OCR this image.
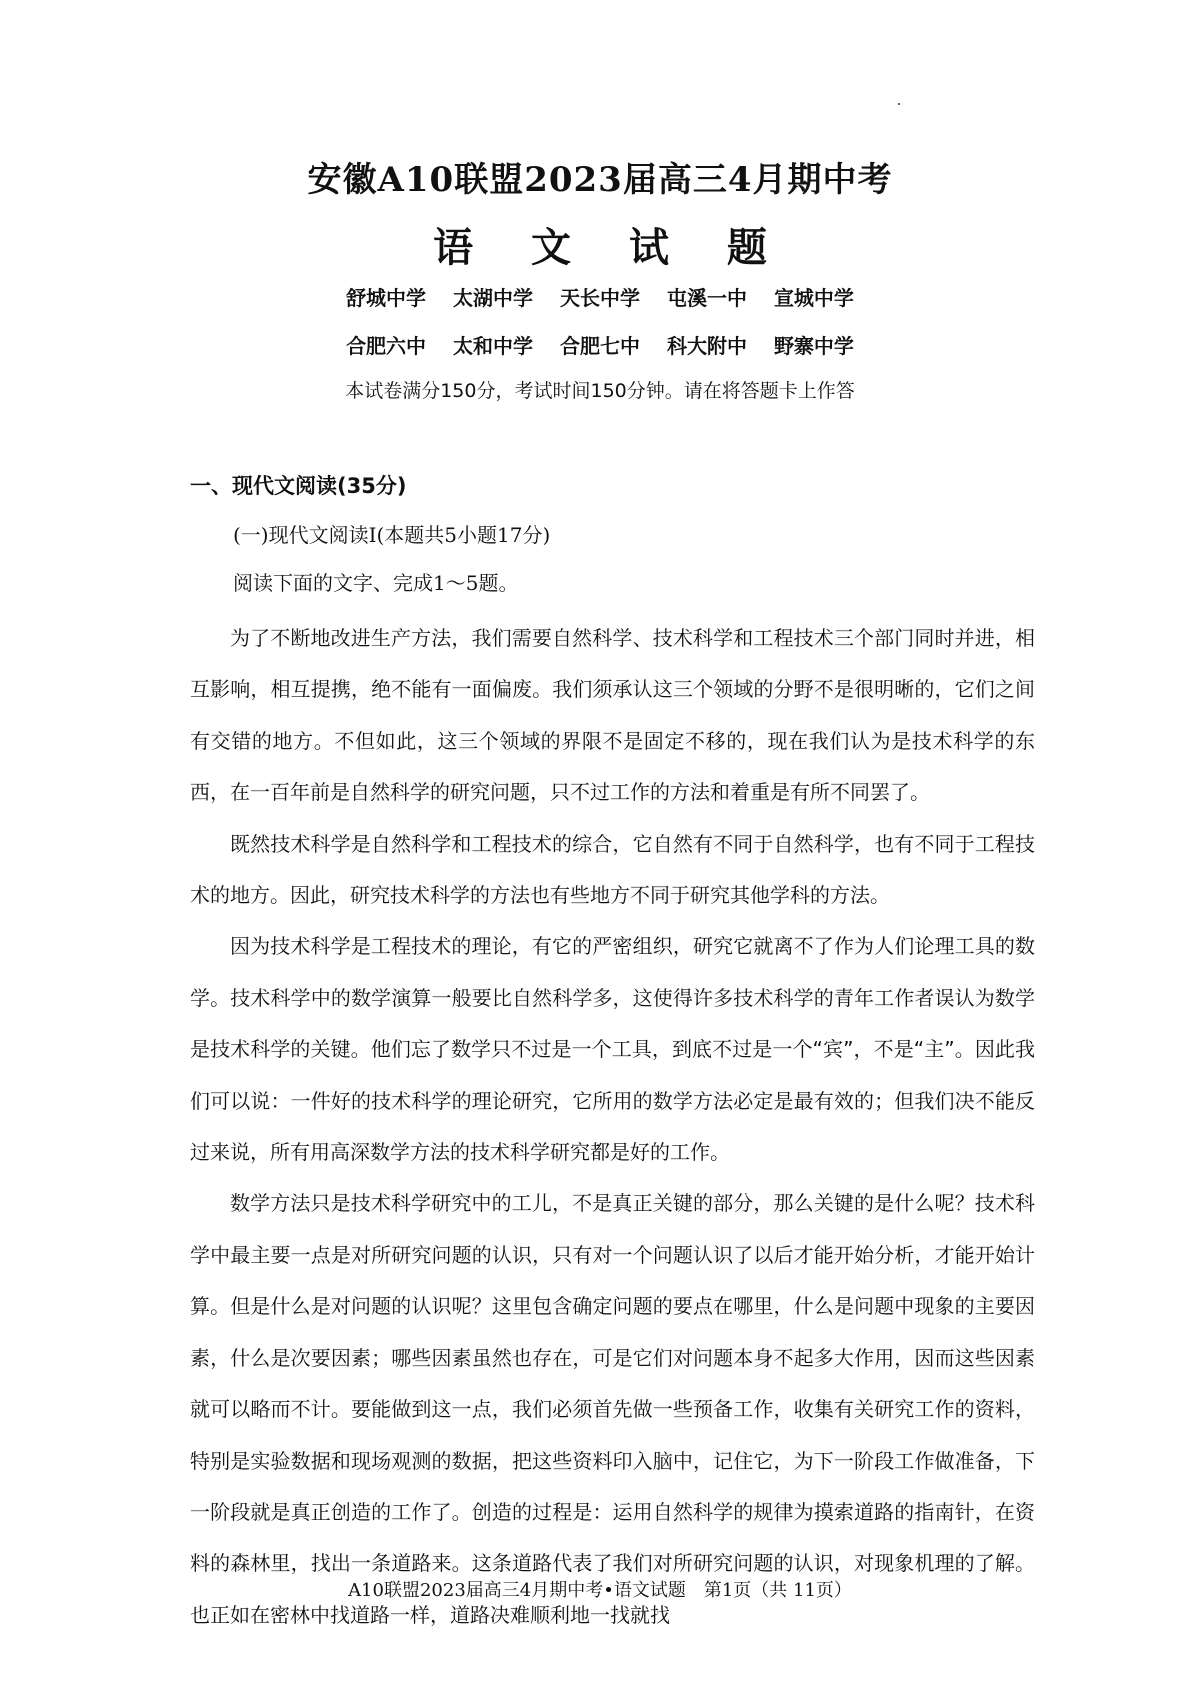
安徽A10联盟2023届高三4月期中考
语 文 试 题
舒城中学 太湖中学 天长中学 屯溪一中 宣城中学
合肥六中 太和中学 合肥七中 科大附中 野寨中学
本试卷满分150分，考试时间150分钟。请在将答题卡上作答
一、现代文阅读(35分)
(一)现代文阅读Ⅰ(本题共5小题17分)
阅读下面的文字、完成1～5题。

为了不断地改进生产方法，我们需要自然科学、技术科学和工程技术三个部门同时并进，相互影响，相互提携，绝不能有一面偏废。我们须承认这三个领域的分野不是很明晰的，它们之间有交错的地方。不但如此，这三个领域的界限不是固定不移的，现在我们认为是技术科学的东西，在一百年前是自然科学的研究问题，只不过工作的方法和着重是有所不同罢了。

既然技术科学是自然科学和工程技术的综合，它自然有不同于自然科学，也有不同于工程技术的地方。因此，研究技术科学的方法也有些地方不同于研究其他学科的方法。

因为技术科学是工程技术的理论，有它的严密组织，研究它就离不了作为人们论理工具的数学。技术科学中的数学演算一般要比自然科学多，这使得许多技术科学的青年工作者误认为数学是技术科学的关键。他们忘了数学只不过是一个工具，到底不过是一个“宾”，不是“主”。因此我们可以说：一件好的技术科学的理论研究，它所用的数学方法必定是最有效的；但我们决不能反过来说，所有用高深数学方法的技术科学研究都是好的工作。

数学方法只是技术科学研究中的工儿，不是真正关键的部分，那么关键的是什么呢？技术科学中最主要一点是对所研究问题的认识，只有对一个问题认识了以后才能开始分析，才能开始计算。但是什么是对问题的认识呢？这里包含确定问题的要点在哪里，什么是问题中现象的主要因素，什么是次要因素；哪些因素虽然也存在，可是它们对问题本身不起多大作用，因而这些因素就可以略而不计。要能做到这一点，我们必须首先做一些预备工作，收集有关研究工作的资料，特别是实验数据和现场观测的数据，把这些资料印入脑中，记住它，为下一阶段工作做准备，下一阶段就是真正创造的工作了。创造的过程是：运用自然科学的规律为摸索道路的指南针，在资料的森林里，找出一条道路来。这条道路代表了我们对所研究问题的认识，对现象机理的了解。也正如在密林中找道路一样，道路决难顺利地一找就找

A10联盟2023届高三4月期中考•语文试题　第1页（共 11页）
